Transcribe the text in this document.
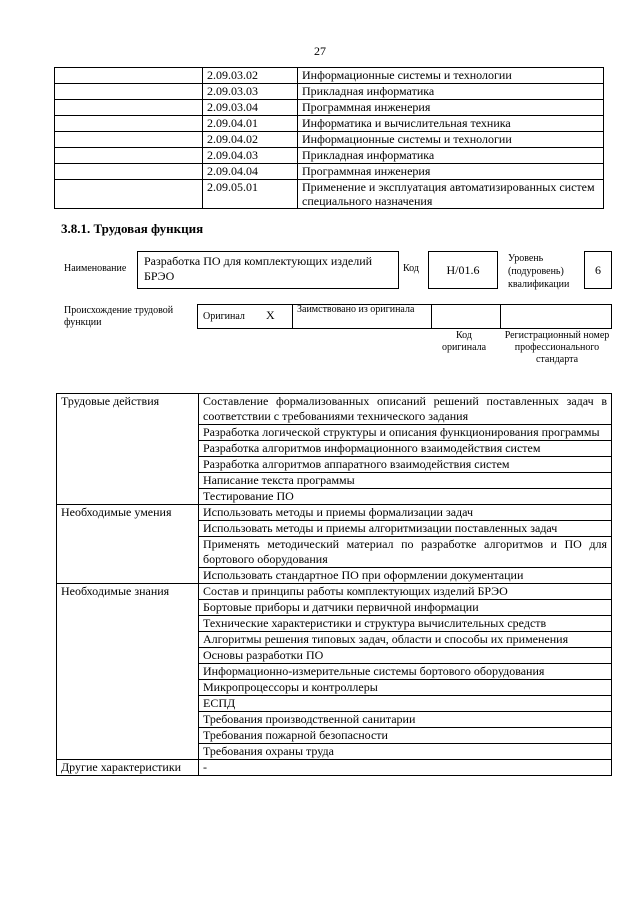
27
	2.09.03.02	Информационные системы и технологии
	2.09.03.03	Прикладная информатика
	2.09.03.04	Программная инженерия
	2.09.04.01	Информатика и вычислительная техника
	2.09.04.02	Информационные системы и технологии
	2.09.04.03	Прикладная информатика
	2.09.04.04	Программная инженерия
	2.09.05.01	Применение и эксплуатация автоматизированных систем специального назначения
3.8.1. Трудовая функция
Наименование
Разработка ПО для комплектующих изделий БРЭО
Код	H/01.6
Уровень (подуровень) квалификации
6
Происхождение трудовой функции
Оригинал X Заимствовано из оригинала
Код оригинала
Регистрационный номер профессионального стандарта
Трудовые действия	Составление формализованных описаний решений поставленных задач в соответствии с требованиями технического задания
	Разработка логической структуры и описания функционирования программы
	Разработка алгоритмов информационного взаимодействия систем
	Разработка алгоритмов аппаратного взаимодействия систем
	Написание текста программы
	Тестирование ПО
Необходимые умения	Использовать методы и приемы формализации задач
	Использовать методы и приемы алгоритмизации поставленных задач
	Применять методический материал по разработке алгоритмов и ПО для бортового оборудования
	Использовать стандартное ПО при оформлении документации
Необходимые знания	Состав и принципы работы комплектующих изделий БРЭО
	Бортовые приборы и датчики первичной информации
	Технические характеристики и структура вычислительных средств
	Алгоритмы решения типовых задач, области и способы их применения
	Основы разработки ПО
	Информационно-измерительные системы бортового оборудования
	Микропроцессоры и контроллеры
	ЕСПД
	Требования производственной санитарии
	Требования пожарной безопасности
	Требования охраны труда
Другие характеристики	-
